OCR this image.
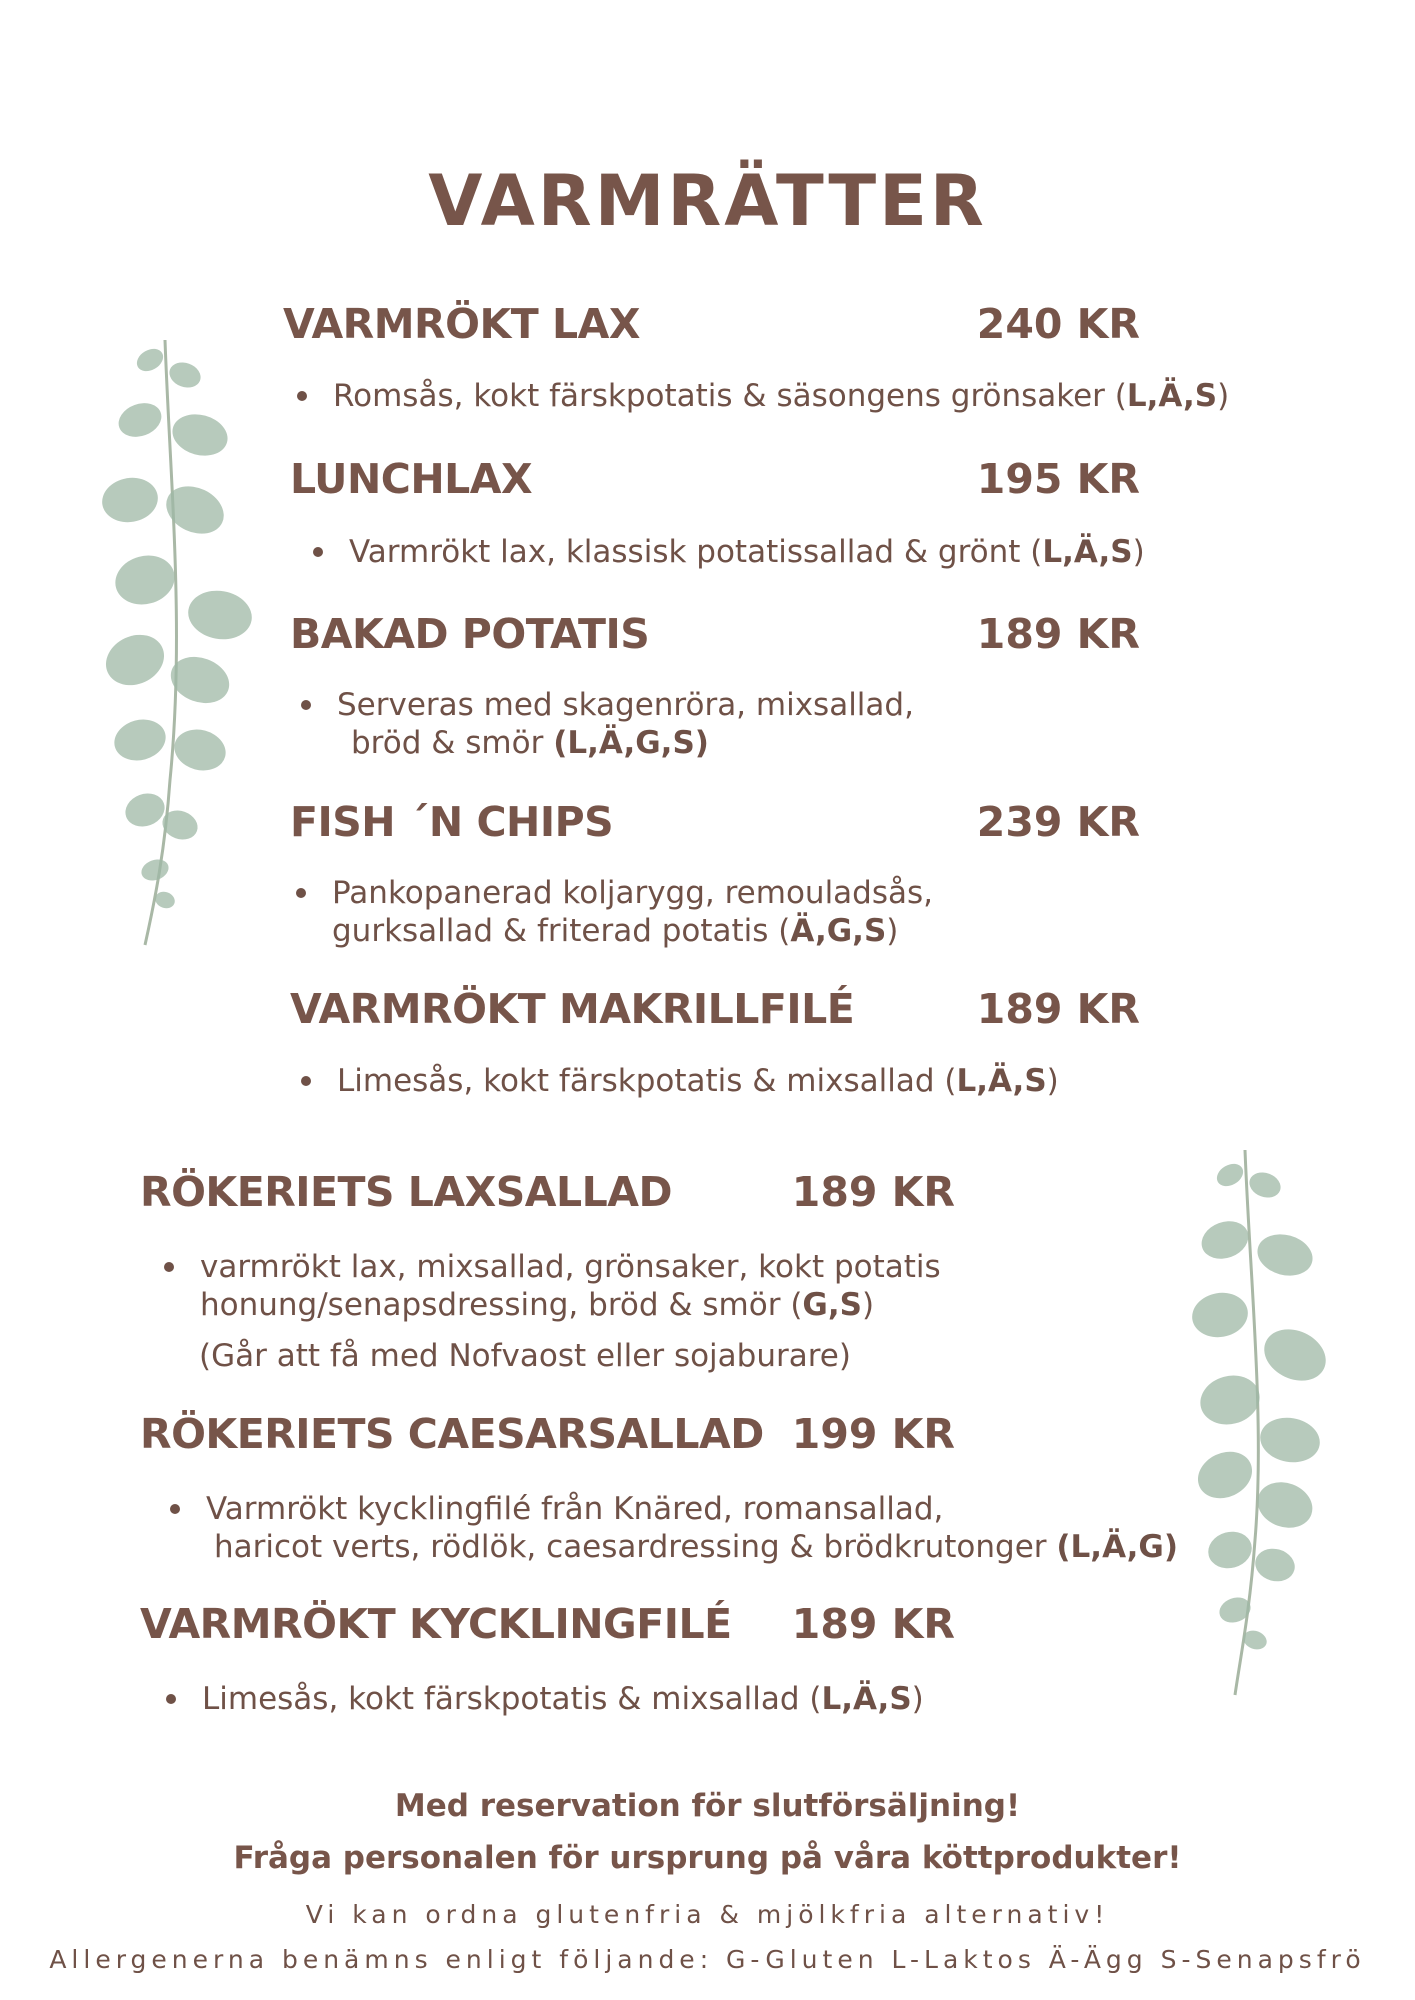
VARMRÄTTER
VARMRÖKT LAX	240 KR
Romsås, kokt färskpotatis & säsongens grönsaker (L,Ä,S)
LUNCHLAX	195 KR
Varmrökt lax, klassisk potatissallad & grönt (L,Ä,S)
BAKAD POTATIS	189 KR
Serveras med skagenröra, mixsallad,
bröd & smör (L,Ä,G,S)
FISH ´N CHIPS	239 KR
Pankopanerad koljarygg, remouladsås,
gurksallad & friterad potatis (Ä,G,S)
VARMRÖKT MAKRILLFILÉ	189 KR
Limesås, kokt färskpotatis & mixsallad (L,Ä,S)
RÖKERIETS LAXSALLAD	189 KR
varmrökt lax, mixsallad, grönsaker, kokt potatis
honung/senapsdressing, bröd & smör (G,S)
(Går att få med Nofvaost eller sojaburare)
RÖKERIETS CAESARSALLAD 199 KR
Varmrökt kycklingfilé från Knäred, romansallad,
haricot verts, rödlök, caesardressing & brödkrutonger (L,Ä,G)
VARMRÖKT KYCKLINGFILÉ	189 KR
Limesås, kokt färskpotatis & mixsallad (L,Ä,S)
Med reservation för slutförsäljning!
Fråga personalen för ursprung på våra köttprodukter!
Vi kan ordna glutenfria & mjölkfria alternativ!
Allergenerna benämns enligt följande: G-Gluten L-Laktos Ä-Ägg S-Senapsfrö
